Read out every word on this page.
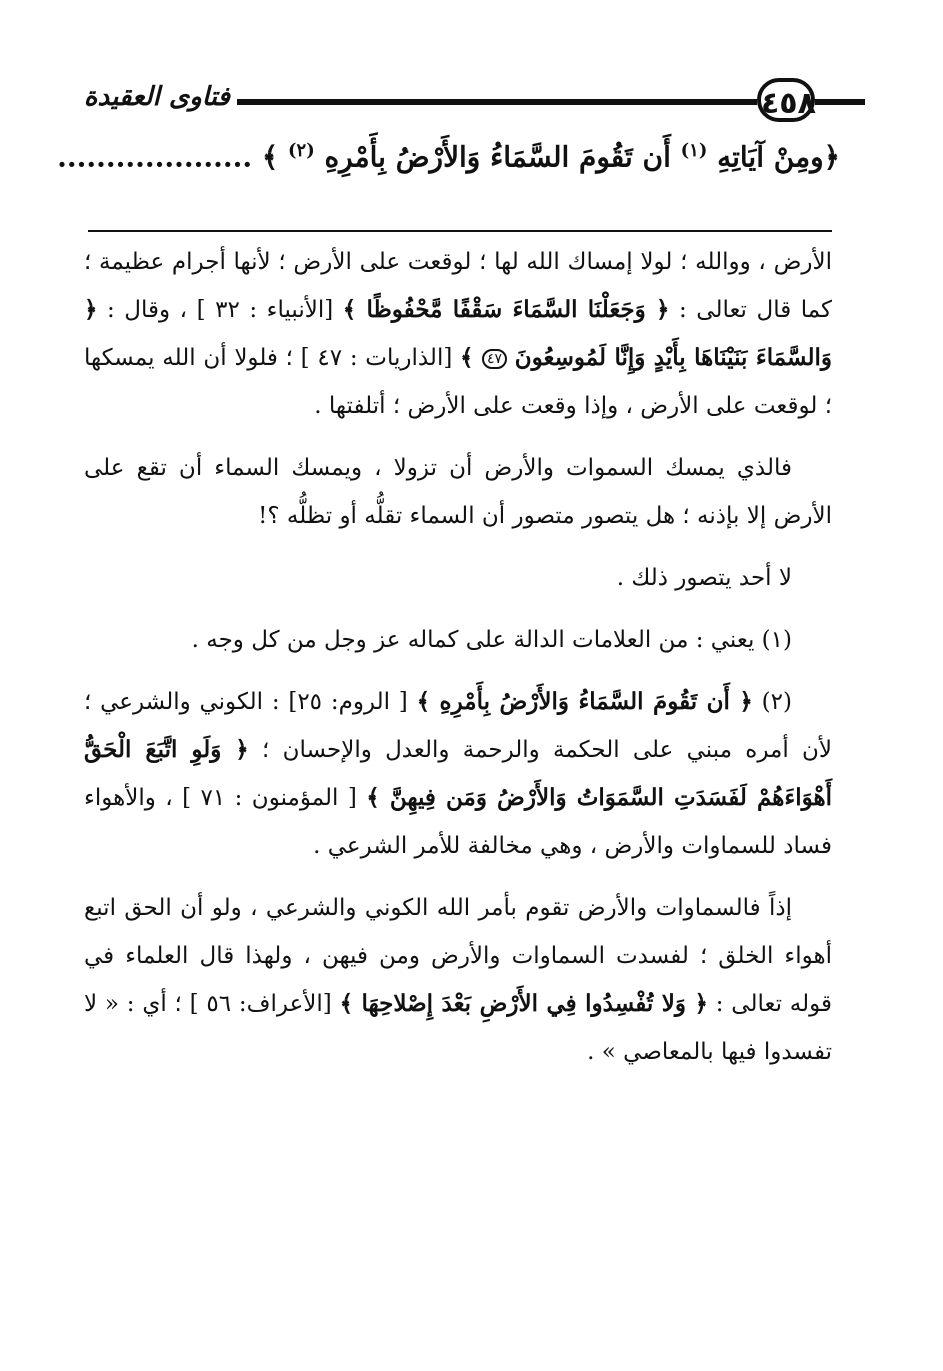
فتاوى العقيدة	٤٥٨
﴿ومِنْ آيَاتِهِ $^{(١)}$ أَن تَقُومَ السَّمَاءُ وَالأَرْضُ بِأَمْرِهِ $^{(٢)}$ ﴾ ....................

الأرض ، ووالله ؛ لولا إمساك الله لها ؛ لوقعت على الأرض ؛ لأنها أجرام عظيمة ؛ كما قال تعالى : ﴿ وَجَعَلْنَا السَّمَاءَ سَقْفًا مَّحْفُوظًا ﴾ [الأنبياء : ٣٢ ] ، وقال : ﴿ وَالسَّمَاءَ بَنَيْنَاهَا بِأَيْدٍ وَإِنَّا لَمُوسِعُونَ ٤٧ ﴾ [الذاريات : ٤٧ ] ؛ فلولا أن الله يمسكها ؛ لوقعت على الأرض ، وإذا وقعت على الأرض ؛ أتلفتها .

فالذي يمسك السموات والأرض أن تزولا ، ويمسك السماء أن تقع على الأرض إلا بإذنه ؛ هل يتصور متصور أن السماء تقلُّه أو تظلُّه ؟!

لا أحد يتصور ذلك .

(١) يعني : من العلامات الدالة على كماله عز وجل من كل وجه .

(٢) ﴿ أَن تَقُومَ السَّمَاءُ وَالأَرْضُ بِأَمْرِهِ ﴾ [ الروم: ٢٥] : الكوني والشرعي ؛ لأن أمره مبني على الحكمة والرحمة والعدل والإحسان ؛ ﴿ وَلَوِ اتَّبَعَ الْحَقُّ أَهْوَاءَهُمْ لَفَسَدَتِ السَّمَوَاتُ وَالأَرْضُ وَمَن فِيهِنَّ ﴾ [ المؤمنون : ٧١ ] ، والأهواء فساد للسماوات والأرض ، وهي مخالفة للأمر الشرعي .

إذاً فالسماوات والأرض تقوم بأمر الله الكوني والشرعي ، ولو أن الحق اتبع أهواء الخلق ؛ لفسدت السماوات والأرض ومن فيهن ، ولهذا قال العلماء في قوله تعالى : ﴿ وَلا تُفْسِدُوا فِي الأَرْضِ بَعْدَ إِصْلاحِهَا ﴾ [الأعراف: ٥٦ ] ؛ أي : « لا تفسدوا فيها بالمعاصي » .
